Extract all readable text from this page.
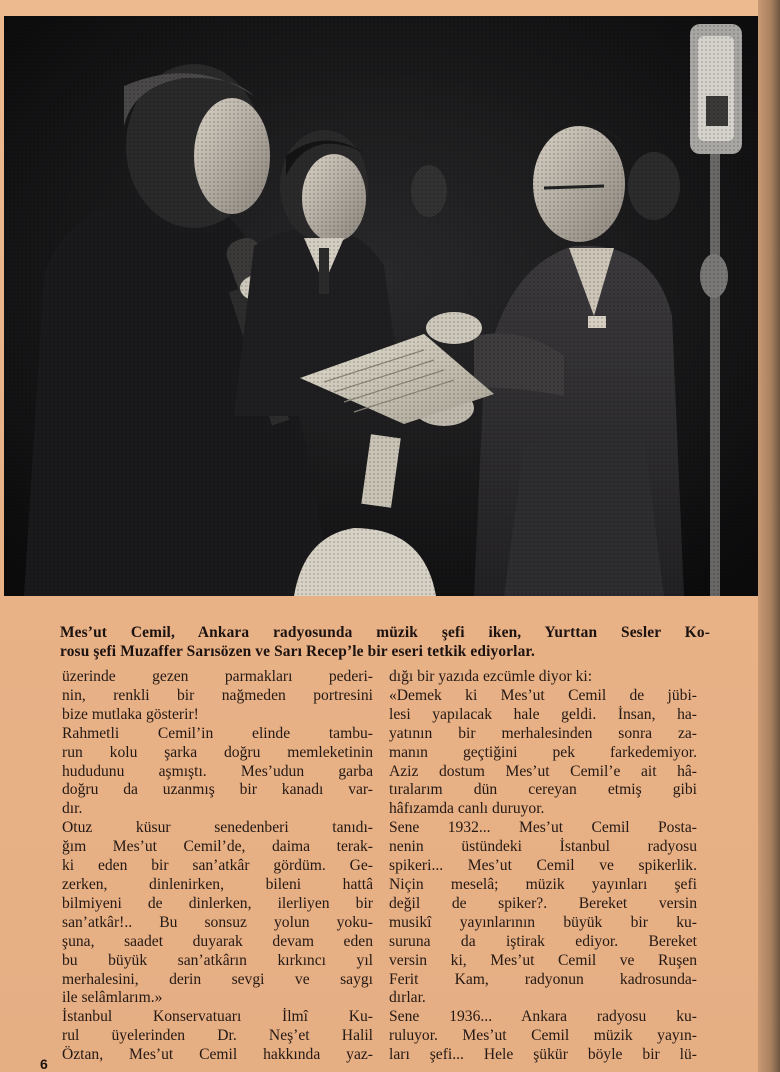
Mes’ut Cemil, Ankara radyosunda müzik şefi iken, Yurttan Sesler Ko-
rosu şefi Muzaffer Sarısözen ve Sarı Recep’le bir eseri tetkik ediyorlar.
üzerinde gezen parmakları pederi-
nin, renkli bir nağmeden portresini
bize mutlaka gösterir!
Rahmetli Cemil’in elinde tambu-
run kolu şarka doğru memleketinin
hududunu aşmıştı. Mes’udun garba
doğru da uzanmış bir kanadı var-
dır.
Otuz küsur senedenberi tanıdı-
ğım Mes’ut Cemil’de, daima terak-
ki eden bir san’atkâr gördüm. Ge-
zerken, dinlenirken, bileni hattâ
bilmiyeni de dinlerken, ilerliyen bir
san’atkâr!.. Bu sonsuz yolun yoku-
şuna, saadet duyarak devam eden
bu büyük san’atkârın kırkıncı yıl
merhalesini, derin sevgi ve saygı
ile selâmlarım.»
İstanbul Konservatuarı İlmî Ku-
rul üyelerinden Dr. Neş’et Halil
Öztan, Mes’ut Cemil hakkında yaz-
dığı bir yazıda ezcümle diyor ki:
«Demek ki Mes’ut Cemil de jübi-
lesi yapılacak hale geldi. İnsan, ha-
yatının bir merhalesinden sonra za-
manın geçtiğini pek farkedemiyor.
Aziz dostum Mes’ut Cemil’e ait hâ-
tıralarım dün cereyan etmiş gibi
hâfızamda canlı duruyor.
Sene 1932... Mes’ut Cemil Posta-
nenin üstündeki İstanbul radyosu
spikeri... Mes’ut Cemil ve spikerlik.
Niçin meselâ; müzik yayınları şefi
değil de spiker?. Bereket versin
musikî yayınlarının büyük bir ku-
suruna da iştirak ediyor. Bereket
versin ki, Mes’ut Cemil ve Ruşen
Ferit Kam, radyonun kadrosunda-
dırlar.
Sene 1936... Ankara radyosu ku-
ruluyor. Mes’ut Cemil müzik yayın-
ları şefi... Hele şükür böyle bir lü-
6
